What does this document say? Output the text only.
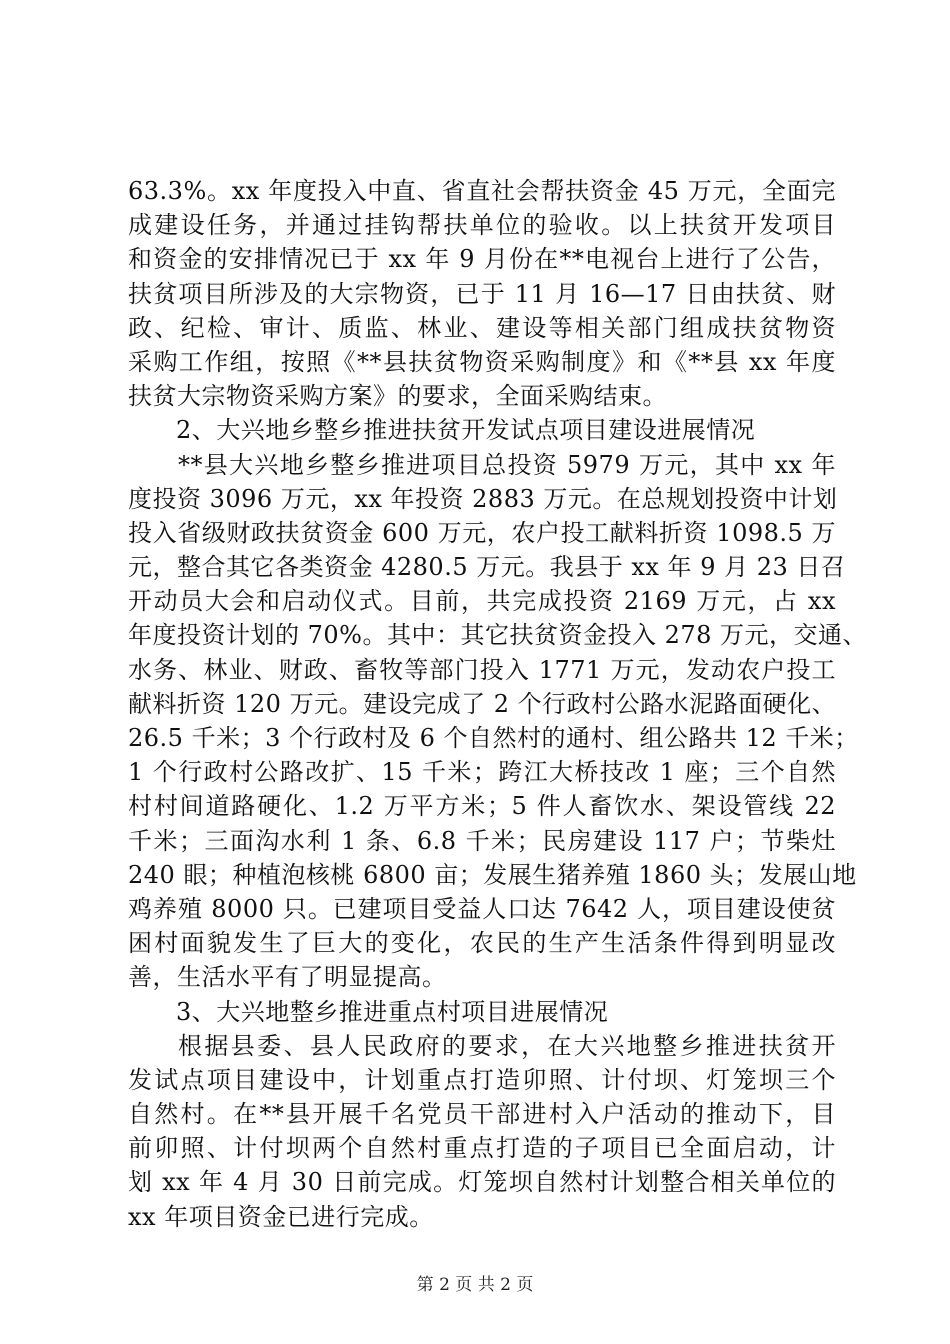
63.3%。xx 年度投入中直、省直社会帮扶资金 45 万元，全面完
成建设任务，并通过挂钩帮扶单位的验收。以上扶贫开发项目
和资金的安排情况已于 xx 年 9 月份在**电视台上进行了公告，
扶贫项目所涉及的大宗物资，已于 11 月 16—17 日由扶贫、财
政、纪检、审计、质监、林业、建设等相关部门组成扶贫物资
采购工作组，按照《**县扶贫物资采购制度》和《**县 xx 年度
扶贫大宗物资采购方案》的要求，全面采购结束。
2、大兴地乡整乡推进扶贫开发试点项目建设进展情况
**县大兴地乡整乡推进项目总投资 5979 万元，其中 xx 年
度投资 3096 万元，xx 年投资 2883 万元。在总规划投资中计划
投入省级财政扶贫资金 600 万元，农户投工献料折资 1098.5 万
元，整合其它各类资金 4280.5 万元。我县于 xx 年 9 月 23 日召
开动员大会和启动仪式。目前，共完成投资 2169 万元，占 xx
年度投资计划的 70%。其中：其它扶贫资金投入 278 万元，交通、
水务、林业、财政、畜牧等部门投入 1771 万元，发动农户投工
献料折资 120 万元。建设完成了 2 个行政村公路水泥路面硬化、
26.5 千米；3 个行政村及 6 个自然村的通村、组公路共 12 千米；
1 个行政村公路改扩、15 千米；跨江大桥技改 1 座；三个自然
村村间道路硬化、1.2 万平方米；5 件人畜饮水、架设管线 22
千米；三面沟水利 1 条、6.8 千米；民房建设 117 户；节柴灶
240 眼；种植泡核桃 6800 亩；发展生猪养殖 1860 头；发展山地
鸡养殖 8000 只。已建项目受益人口达 7642 人，项目建设使贫
困村面貌发生了巨大的变化，农民的生产生活条件得到明显改
善，生活水平有了明显提高。
3、大兴地整乡推进重点村项目进展情况
根据县委、县人民政府的要求，在大兴地整乡推进扶贫开
发试点项目建设中，计划重点打造卯照、计付坝、灯笼坝三个
自然村。在**县开展千名党员干部进村入户活动的推动下，目
前卯照、计付坝两个自然村重点打造的子项目已全面启动，计
划 xx 年 4 月 30 日前完成。灯笼坝自然村计划整合相关单位的
xx 年项目资金已进行完成。
第 2 页 共 2 页
